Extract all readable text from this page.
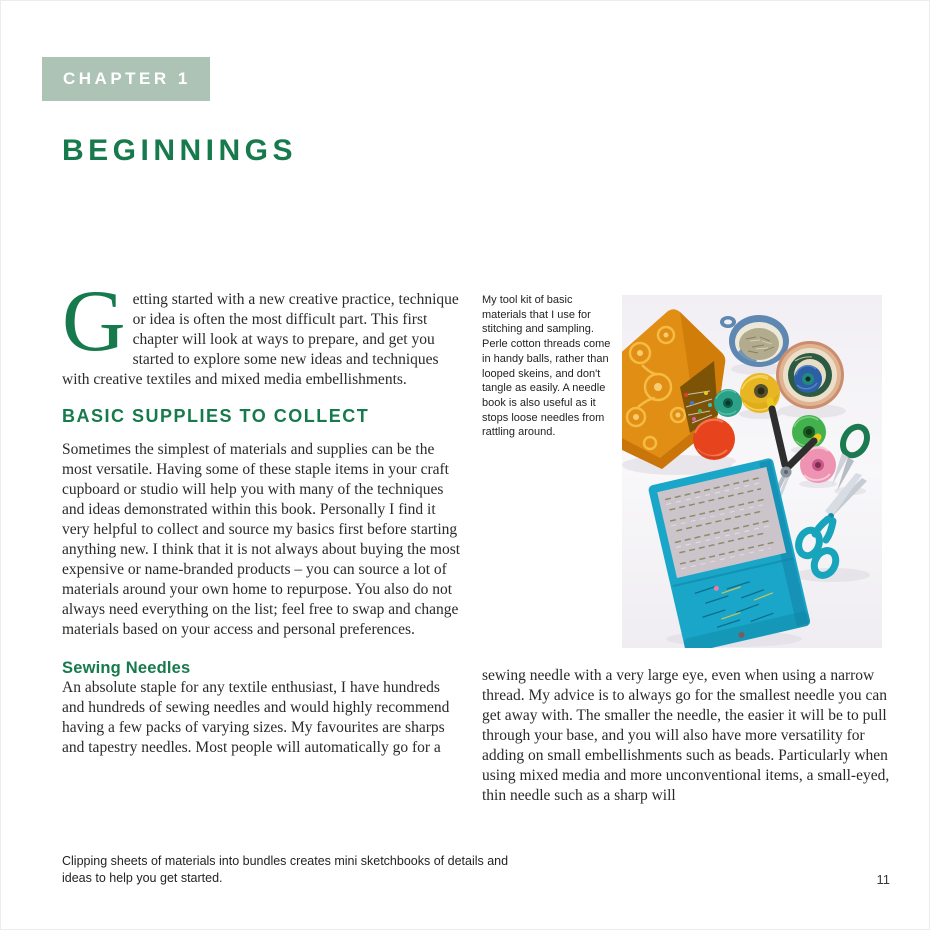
CHAPTER 1
BEGINNINGS

Getting started with a new creative practice, technique or idea is often the most difficult part. This first chapter will look at ways to prepare, and get you started to explore some new ideas and techniques with creative textiles and mixed media embellishments.

BASIC SUPPLIES TO COLLECT

Sometimes the simplest of materials and supplies can be the most versatile. Having some of these staple items in your craft cupboard or studio will help you with many of the techniques and ideas demonstrated within this book. Personally I find it very helpful to collect and source my basics first before starting anything new. I think that it is not always about buying the most expensive or name-branded products – you can source a lot of materials around your own home to repurpose. You also do not always need everything on the list; feel free to swap and change materials based on your access and personal preferences.

Sewing Needles

An absolute staple for any textile enthusiast, I have hundreds and hundreds of sewing needles and would highly recommend having a few packs of varying sizes. My favourites are sharps and tapestry needles. Most people will automatically go for a

My tool kit of basic materials that I use for stitching and sampling. Perle cotton threads come in handy balls, rather than looped skeins, and don't tangle as easily. A needle book is also useful as it stops loose needles from rattling around.

sewing needle with a very large eye, even when using a narrow thread. My advice is to always go for the smallest needle you can get away with. The smaller the needle, the easier it will be to pull through your base, and you will also have more versatility for adding on small embellishments such as beads. Particularly when using mixed media and more unconventional items, a small-eyed, thin needle such as a sharp will

Clipping sheets of materials into bundles creates mini sketchbooks of details and ideas to help you get started.	11
